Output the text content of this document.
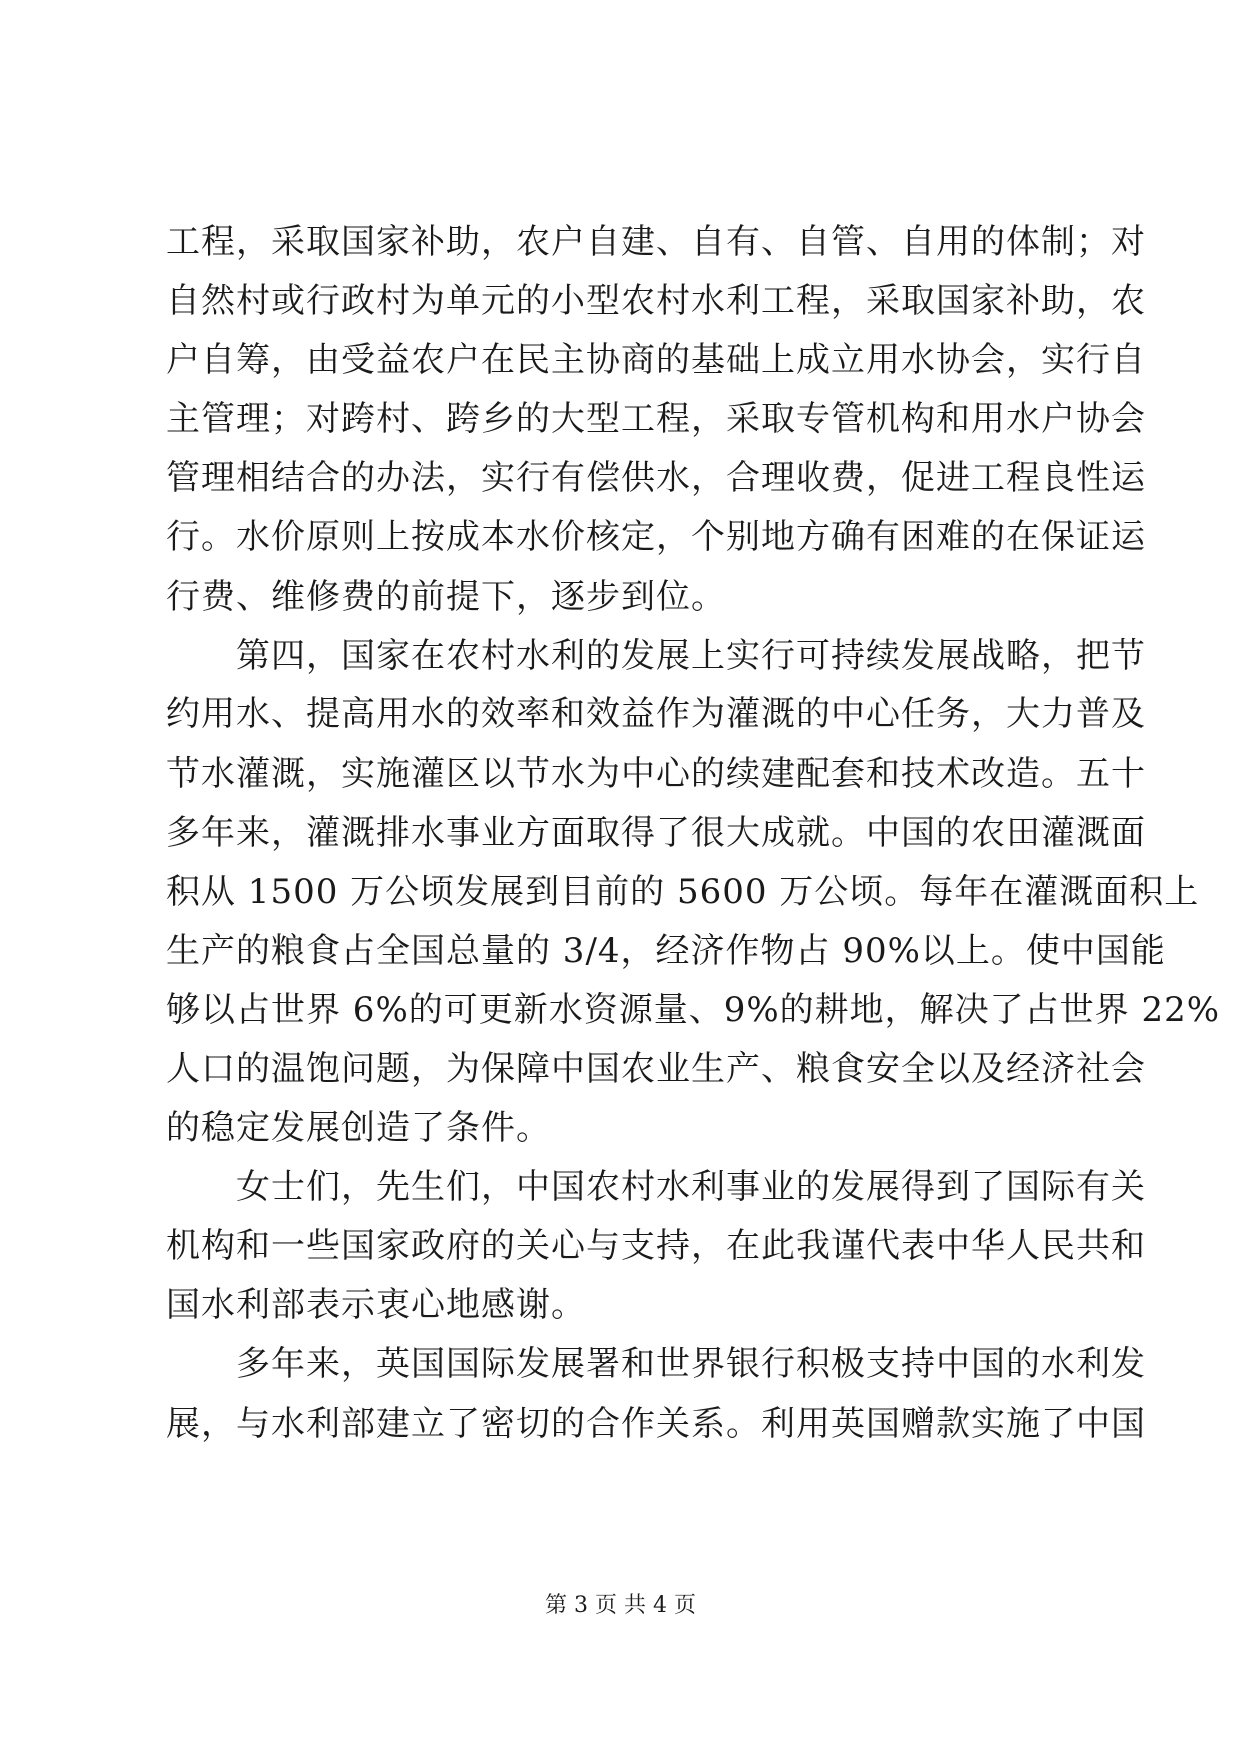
工程，采取国家补助，农户自建、自有、自管、自用的体制；对
自然村或行政村为单元的小型农村水利工程，采取国家补助，农
户自筹，由受益农户在民主协商的基础上成立用水协会，实行自
主管理；对跨村、跨乡的大型工程，采取专管机构和用水户协会
管理相结合的办法，实行有偿供水，合理收费，促进工程良性运
行。水价原则上按成本水价核定，个别地方确有困难的在保证运
行费、维修费的前提下，逐步到位。
　　第四，国家在农村水利的发展上实行可持续发展战略，把节
约用水、提高用水的效率和效益作为灌溉的中心任务，大力普及
节水灌溉，实施灌区以节水为中心的续建配套和技术改造。五十
多年来，灌溉排水事业方面取得了很大成就。中国的农田灌溉面
积从 1500 万公顷发展到目前的 5600 万公顷。每年在灌溉面积上
生产的粮食占全国总量的 3/4，经济作物占 90%以上。使中国能
够以占世界 6%的可更新水资源量、9%的耕地，解决了占世界 22%
人口的温饱问题，为保障中国农业生产、粮食安全以及经济社会
的稳定发展创造了条件。
　　女士们，先生们，中国农村水利事业的发展得到了国际有关
机构和一些国家政府的关心与支持，在此我谨代表中华人民共和
国水利部表示衷心地感谢。
　　多年来，英国国际发展署和世界银行积极支持中国的水利发
展，与水利部建立了密切的合作关系。利用英国赠款实施了中国
第 3 页 共 4 页
